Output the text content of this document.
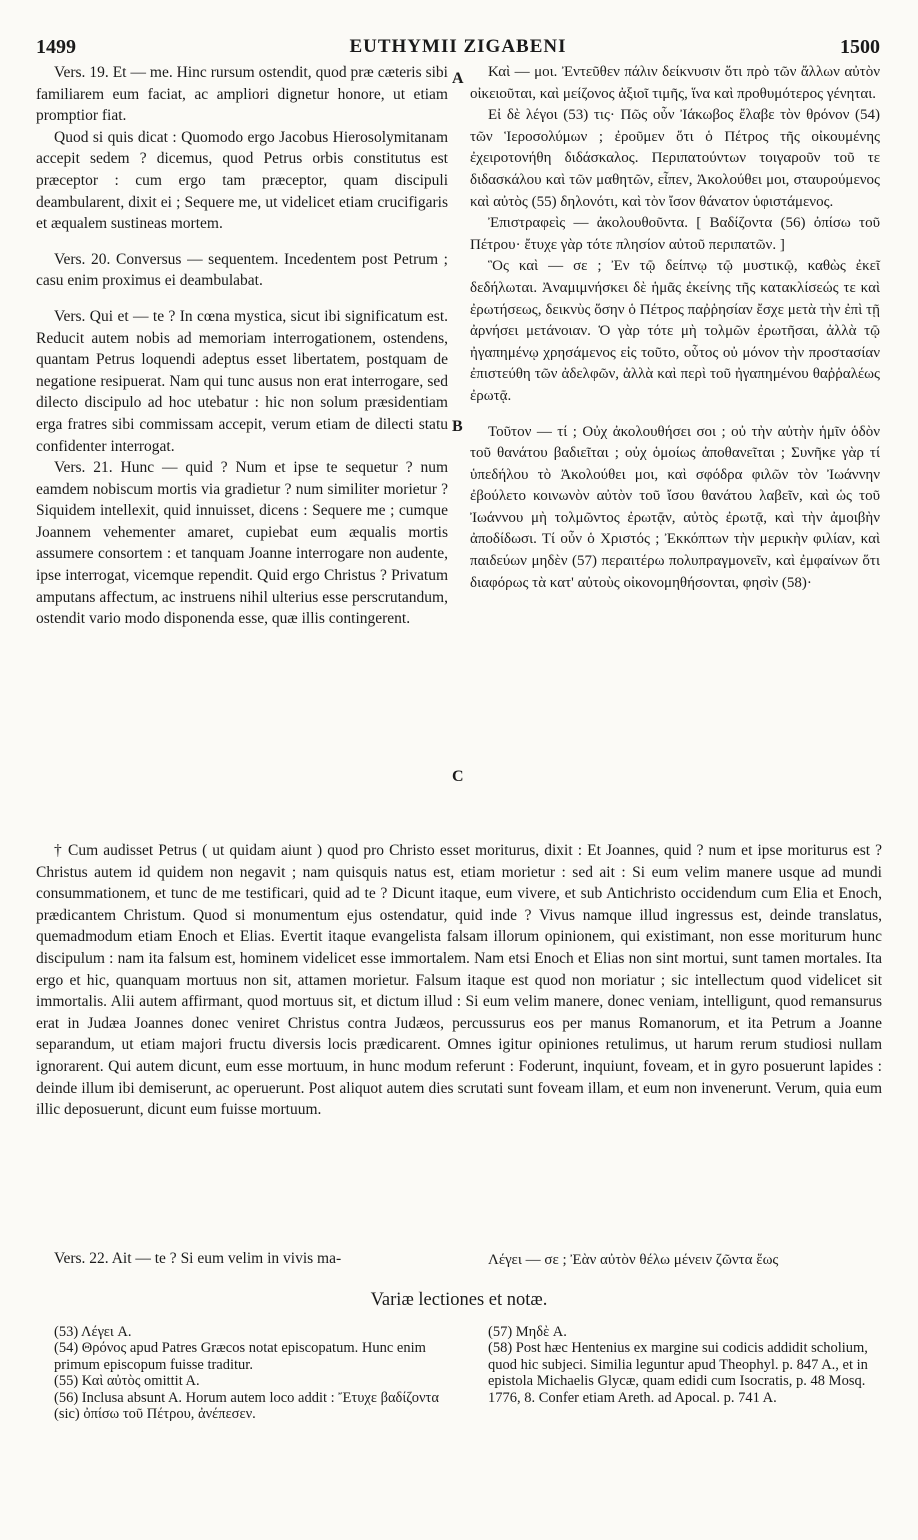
1499	EUTHYMII ZIGABENI	1500
A
B
C

Vers. 19. Et — me. Hinc rursum ostendit, quod præ cæteris sibi familiarem eum faciat, ac ampliori dignetur honore, ut etiam promptior fiat.

Quod si quis dicat : Quomodo ergo Jacobus Hierosolymitanam accepit sedem ? dicemus, quod Petrus orbis constitutus est præceptor : cum ergo tam præceptor, quam discipuli deambularent, dixit ei ; Sequere me, ut videlicet etiam crucifigaris et æqualem sustineas mortem.

Vers. 20. Conversus — sequentem. Incedentem post Petrum ; casu enim proximus ei deambulabat.

Vers. Qui et — te ? In cœna mystica, sicut ibi significatum est. Reducit autem nobis ad memoriam interrogationem, ostendens, quantam Petrus loquendi adeptus esset libertatem, postquam de negatione resipuerat. Nam qui tunc ausus non erat interrogare, sed dilecto discipulo ad hoc utebatur : hic non solum præsidentiam erga fratres sibi commissam accepit, verum etiam de dilecti statu confidenter interrogat.

Vers. 21. Hunc — quid ? Num et ipse te sequetur ? num eamdem nobiscum mortis via gradietur ? num similiter morietur ? Siquidem intellexit, quid innuisset, dicens : Sequere me ; cumque Joannem vehementer amaret, cupiebat eum æqualis mortis assumere consortem : et tanquam Joanne interrogare non audente, ipse interrogat, vicemque rependit. Quid ergo Christus ? Privatum amputans affectum, ac instruens nihil ulterius esse perscrutandum, ostendit vario modo disponenda esse, quæ illis contingerent.

Καὶ — μοι. Ἐντεῦθεν πάλιν δείκνυσιν ὅτι πρὸ τῶν ἄλλων αὐτὸν οἰκειοῦται, καὶ μείζονος ἀξιοῖ τιμῆς, ἵνα καὶ προθυμότερος γένηται.

Εἰ δὲ λέγοι (53) τις· Πῶς οὖν Ἰάκωβος ἔλαβε τὸν θρόνον (54) τῶν Ἱεροσολύμων ; ἐροῦμεν ὅτι ὁ Πέτρος τῆς οἰκουμένης ἐχειροτονήθη διδάσκαλος. Περιπατούντων τοιγαροῦν τοῦ τε διδασκάλου καὶ τῶν μαθητῶν, εἶπεν, Ἀκολούθει μοι, σταυρούμενος καὶ αὐτὸς (55) δηλονότι, καὶ τὸν ἴσον θάνατον ὑφιστάμενος.

Ἐπιστραφεὶς — ἀκολουθοῦντα. [ Βαδίζοντα (56) ὀπίσω τοῦ Πέτρου· ἔτυχε γὰρ τότε πλησίον αὐτοῦ περιπατῶν. ]

Ὃς καὶ — σε ; Ἐν τῷ δείπνῳ τῷ μυστικῷ, καθὼς ἐκεῖ δεδήλωται. Ἀναμιμνήσκει δὲ ἡμᾶς ἐκείνης τῆς κατακλίσεώς τε καὶ ἐρωτήσεως, δεικνὺς ὅσην ὁ Πέτρος παῤῥησίαν ἔσχε μετὰ τὴν ἐπὶ τῇ ἀρνήσει μετάνοιαν. Ὁ γὰρ τότε μὴ τολμῶν ἐρωτῆσαι, ἀλλὰ τῷ ἠγαπημένῳ χρησάμενος εἰς τοῦτο, οὗτος οὐ μόνον τὴν προστασίαν ἐπιστεύθη τῶν ἀδελφῶν, ἀλλὰ καὶ περὶ τοῦ ἠγαπημένου θαῤῥαλέως ἐρωτᾷ.

Τοῦτον — τί ; Οὐχ ἀκολουθήσει σοι ; οὐ τὴν αὐτὴν ἡμῖν ὁδὸν τοῦ θανάτου βαδιεῖται ; οὐχ ὁμοίως ἀποθανεῖται ; Συνῆκε γὰρ τί ὑπεδήλου τὸ Ἀκολούθει μοι, καὶ σφόδρα φιλῶν τὸν Ἰωάννην ἐβούλετο κοινωνὸν αὐτὸν τοῦ ἴσου θανάτου λαβεῖν, καὶ ὡς τοῦ Ἰωάννου μὴ τολμῶντος ἐρωτᾷν, αὐτὸς ἐρωτᾷ, καὶ τὴν ἀμοιβὴν ἀποδίδωσι. Τί οὖν ὁ Χριστός ; Ἐκκόπτων τὴν μερικὴν φιλίαν, καὶ παιδεύων μηδὲν (57) περαιτέρω πολυπραγμονεῖν, καὶ ἐμφαίνων ὅτι διαφόρως τὰ κατ' αὐτοὺς οἰκονομηθήσονται, φησὶν (58)·

† Cum audisset Petrus ( ut quidam aiunt ) quod pro Christo esset moriturus, dixit : Et Joannes, quid ? num et ipse moriturus est ? Christus autem id quidem non negavit ; nam quisquis natus est, etiam morietur : sed ait : Si eum velim manere usque ad mundi consummationem, et tunc de me testificari, quid ad te ? Dicunt itaque, eum vivere, et sub Antichristo occidendum cum Elia et Enoch, prædicantem Christum. Quod si monumentum ejus ostendatur, quid inde ? Vivus namque illud ingressus est, deinde translatus, quemadmodum etiam Enoch et Elias. Evertit itaque evangelista falsam illorum opinionem, qui existimant, non esse moriturum hunc discipulum : nam ita falsum est, hominem videlicet esse immortalem. Nam etsi Enoch et Elias non sint mortui, sunt tamen mortales. Ita ergo et hic, quanquam mortuus non sit, attamen morietur. Falsum itaque est quod non moriatur ; sic intellectum quod videlicet sit immortalis. Alii autem affirmant, quod mortuus sit, et dictum illud : Si eum velim manere, donec veniam, intelligunt, quod remansurus erat in Judæa Joannes donec veniret Christus contra Judæos, percussurus eos per manus Romanorum, et ita Petrum a Joanne separandum, ut etiam majori fructu diversis locis prædicarent. Omnes igitur opiniones retulimus, ut harum rerum studiosi nullam ignorarent. Qui autem dicunt, eum esse mortuum, in hunc modum referunt : Foderunt, inquiunt, foveam, et in gyro posuerunt lapides : deinde illum ibi demiserunt, ac operuerunt. Post aliquot autem dies scrutati sunt foveam illam, et eum non invenerunt. Verum, quia eum illic deposuerunt, dicunt eum fuisse mortuum.

Vers. 22. Ait — te ? Si eum velim in vivis ma-	Λέγει — σε ; Ἐὰν αὐτὸν θέλω μένειν ζῶντα ἕως
Variæ lectiones et notæ.

(53) Λέγει A.

(54) Θρόνος apud Patres Græcos notat episcopatum. Hunc enim primum episcopum fuisse traditur.

(55) Καὶ αὐτὸς omittit A.

(56) Inclusa absunt A. Horum autem loco addit : Ἔτυχε βαδίζοντα (sic) ὀπίσω τοῦ Πέτρου, ἀνέπεσεν.

(57) Μηδὲ A.

(58) Post hæc Hentenius ex margine sui codicis addidit scholium, quod hic subjeci. Similia leguntur apud Theophyl. p. 847 A., et in epistola Michaelis Glycæ, quam edidi cum Isocratis, p. 48 Mosq. 1776, 8. Confer etiam Areth. ad Apocal. p. 741 A.
